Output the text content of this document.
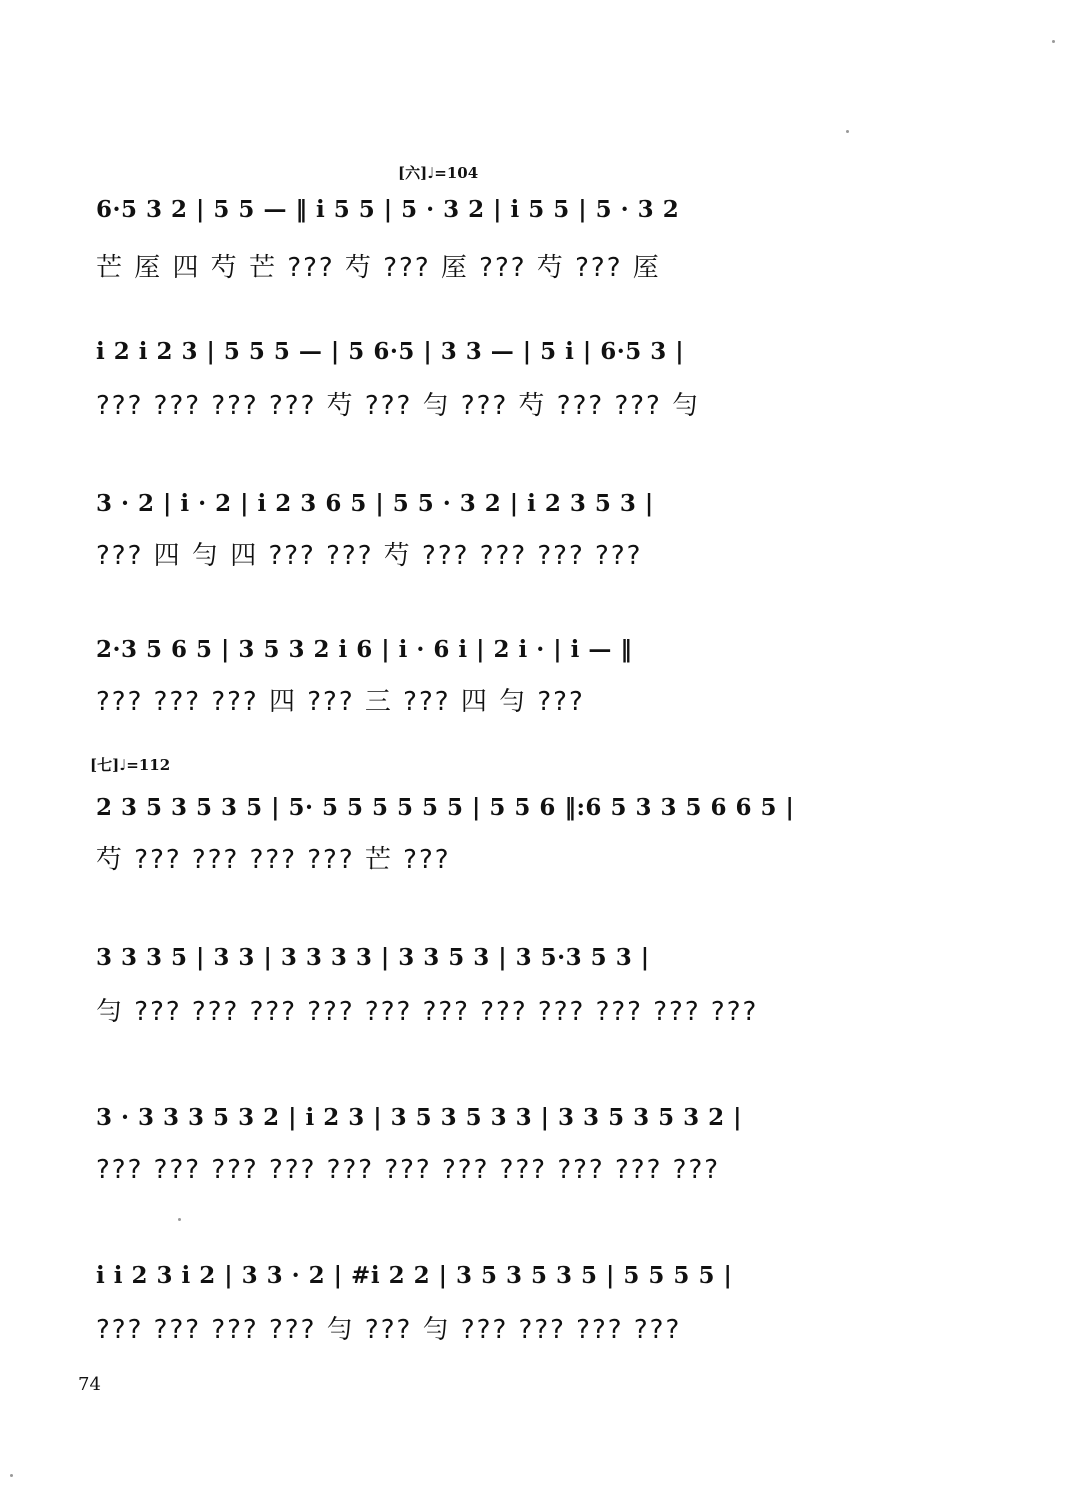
[六]♩=104
6·5 3 2 | 5 5 — ‖ i 5 5 | 5 · 3 2 | i 5 5 | 5 · 3 2
芒 厔 四 芍 芒 ??? 芍 ??? 厔 ??? 芍 ??? 厔
i 2 i 2 3 | 5 5 5 — | 5 6·5 | 3 3 — | 5 i | 6·5 3 |
??? ??? ??? ??? 芍 ??? 勻 ??? 芍 ??? ??? 勻
3 · 2 | i · 2 | i 2 3 6 5 | 5 5 · 3 2 | i 2 3 5 3 |
??? 四 勻 四 ??? ??? 芍 ??? ??? ??? ???
2·3 5 6 5 | 3 5 3 2 i 6 | i · 6 i | 2 i · | i — ‖
??? ??? ??? 四 ??? 三 ??? 四 勻 ???
[七]♩=112
2 3 5 3 5 3 5 | 5· 5 5 5 5 5 5 | 5 5 6 ‖:6 5 3 3 5 6 6 5 |
芍 ??? ??? ??? ??? 芒 ???
3 3 3 5 | 3 3 | 3 3 3 3 | 3 3 5 3 | 3 5·3 5 3 |
勻 ??? ??? ??? ??? ??? ??? ??? ??? ??? ??? ???
3 · 3 3 3 5 3 2 | i 2 3 | 3 5 3 5 3 3 | 3 3 5 3 5 3 2 |
??? ??? ??? ??? ??? ??? ??? ??? ??? ??? ???
i i 2 3 i 2 | 3 3 · 2 | #i 2 2 | 3 5 3 5 3 5 | 5 5 5 5 |
??? ??? ??? ??? 勻 ??? 勻 ??? ??? ??? ???
74
